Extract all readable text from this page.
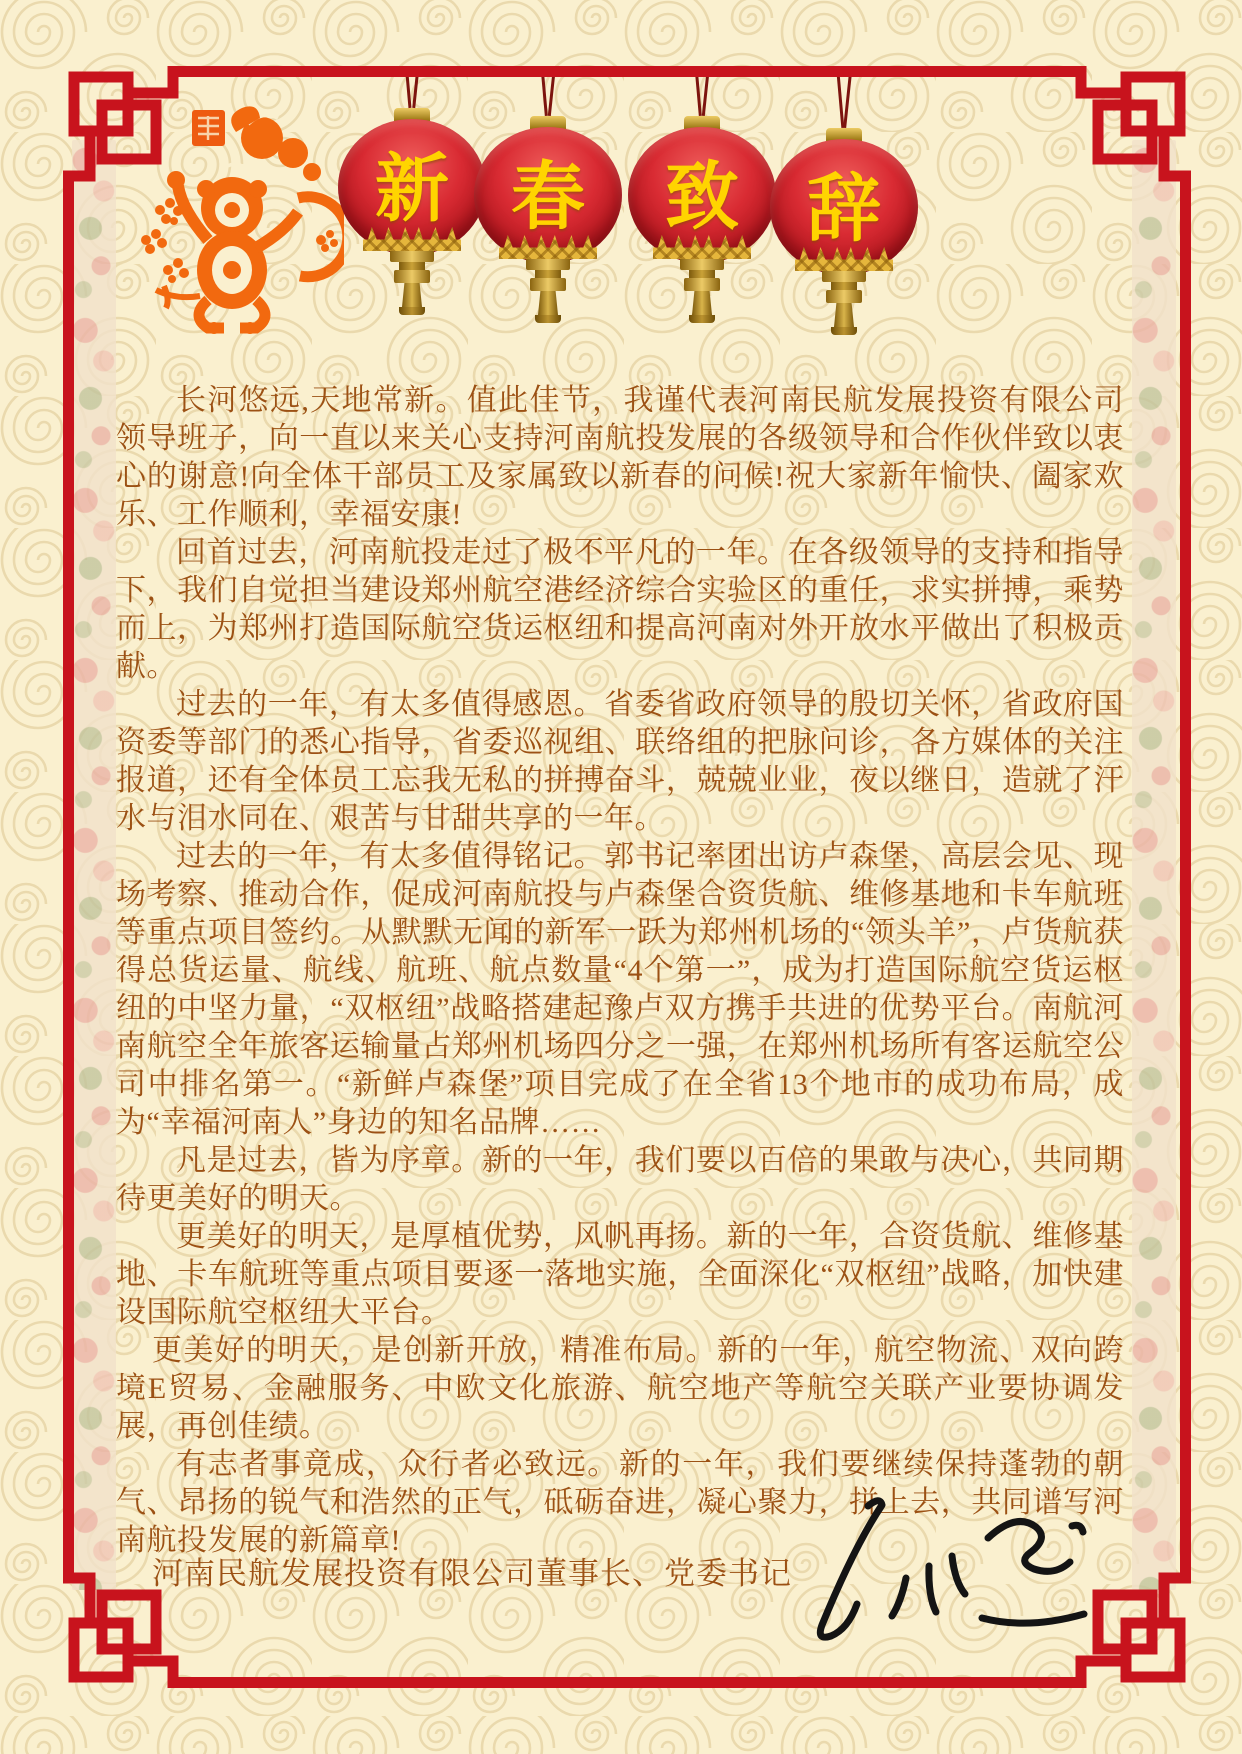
新 春 致 辞

长河悠远,天地常新。值此佳节，我谨代表河南民航发展投资有限公司领导班子，向一直以来关心支持河南航投发展的各级领导和合作伙伴致以衷心的谢意!向全体干部员工及家属致以新春的问候!祝大家新年愉快、阖家欢乐、工作顺利，幸福安康!

回首过去，河南航投走过了极不平凡的一年。在各级领导的支持和指导下，我们自觉担当建设郑州航空港经济综合实验区的重任，求实拼搏，乘势而上，为郑州打造国际航空货运枢纽和提高河南对外开放水平做出了积极贡献。

过去的一年，有太多值得感恩。省委省政府领导的殷切关怀，省政府国资委等部门的悉心指导，省委巡视组、联络组的把脉问诊，各方媒体的关注报道，还有全体员工忘我无私的拼搏奋斗，兢兢业业，夜以继日，造就了汗水与泪水同在、艰苦与甘甜共享的一年。

过去的一年，有太多值得铭记。郭书记率团出访卢森堡，高层会见、现场考察、推动合作，促成河南航投与卢森堡合资货航、维修基地和卡车航班等重点项目签约。从默默无闻的新军一跃为郑州机场的“领头羊”，卢货航获得总货运量、航线、航班、航点数量“4个第一”，成为打造国际航空货运枢纽的中坚力量，“双枢纽”战略搭建起豫卢双方携手共进的优势平台。南航河南航空全年旅客运输量占郑州机场四分之一强，在郑州机场所有客运航空公司中排名第一。“新鲜卢森堡”项目完成了在全省13个地市的成功布局，成为“幸福河南人”身边的知名品牌……

凡是过去，皆为序章。新的一年，我们要以百倍的果敢与决心，共同期待更美好的明天。

更美好的明天，是厚植优势，风帆再扬。新的一年，合资货航、维修基地、卡车航班等重点项目要逐一落地实施，全面深化“双枢纽”战略，加快建设国际航空枢纽大平台。

更美好的明天，是创新开放，精准布局。新的一年，航空物流、双向跨境E贸易、金融服务、中欧文化旅游、航空地产等航空关联产业要协调发展，再创佳绩。

有志者事竟成，众行者必致远。新的一年，我们要继续保持蓬勃的朝气、昂扬的锐气和浩然的正气，砥砺奋进，凝心聚力，拼上去，共同谱写河南航投发展的新篇章!

河南民航发展投资有限公司董事长、党委书记
